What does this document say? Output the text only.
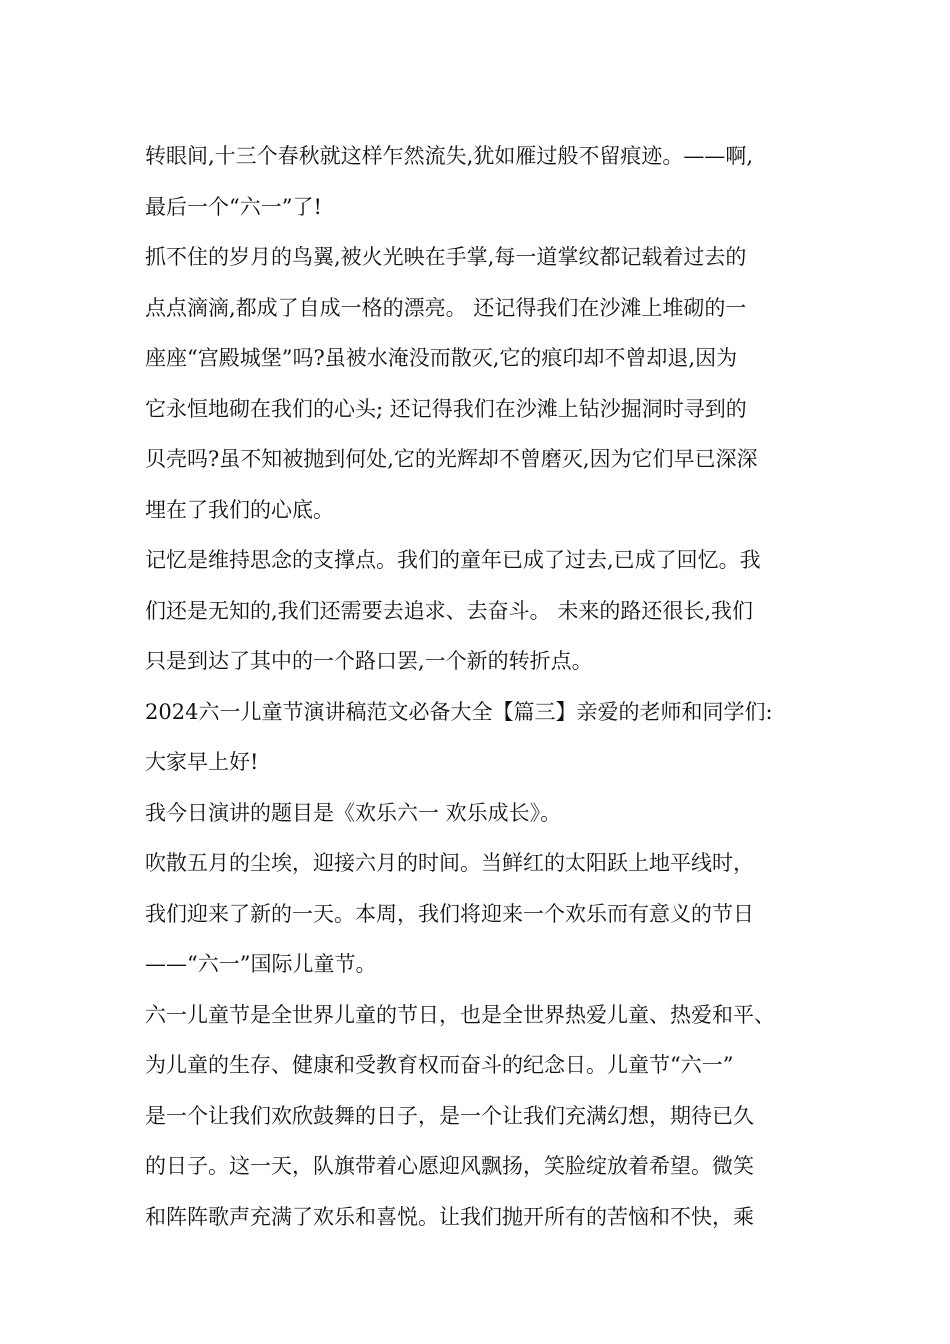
转眼间,十三个春秋就这样乍然流失,犹如雁过般不留痕迹。——啊,
最后一个“六一”了!
抓不住的岁月的鸟翼,被火光映在手掌,每一道掌纹都记载着过去的
点点滴滴,都成了自成一格的漂亮。 还记得我们在沙滩上堆砌的一
座座“宫殿城堡”吗?虽被水淹没而散灭,它的痕印却不曾却退,因为
它永恒地砌在我们的心头; 还记得我们在沙滩上钻沙掘洞时寻到的
贝壳吗?虽不知被抛到何处,它的光辉却不曾磨灭,因为它们早已深深
埋在了我们的心底。
记忆是维持思念的支撑点。我们的童年已成了过去,已成了回忆。我
们还是无知的,我们还需要去追求、去奋斗。 未来的路还很长,我们
只是到达了其中的一个路口罢,一个新的转折点。
2024六一儿童节演讲稿范文必备大全【篇三】亲爱的老师和同学们:
大家早上好!
我今日演讲的题目是《欢乐六一 欢乐成长》。
吹散五月的尘埃，迎接六月的时间。当鲜红的太阳跃上地平线时，
我们迎来了新的一天。本周，我们将迎来一个欢乐而有意义的节日
——“六一”国际儿童节。
六一儿童节是全世界儿童的节日，也是全世界热爱儿童、热爱和平、
为儿童的生存、健康和受教育权而奋斗的纪念日。儿童节“六一”
是一个让我们欢欣鼓舞的日子，是一个让我们充满幻想，期待已久
的日子。这一天，队旗带着心愿迎风飘扬，笑脸绽放着希望。微笑
和阵阵歌声充满了欢乐和喜悦。让我们抛开所有的苦恼和不快，乘
